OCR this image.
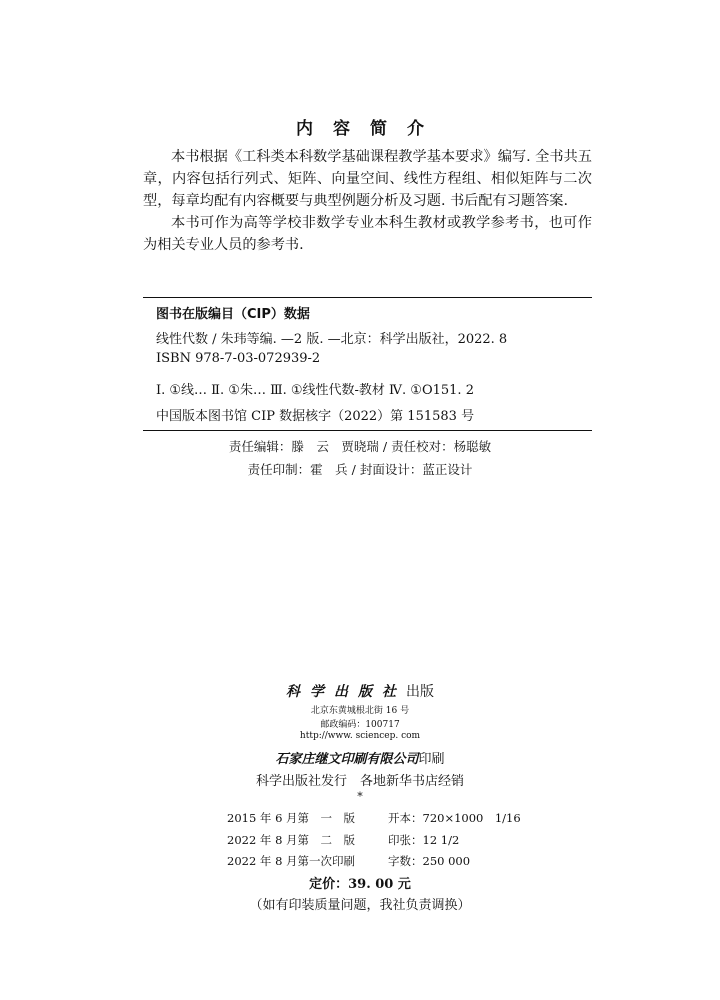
内容简介

本书根据《工科类本科数学基础课程教学基本要求》编写. 全书共五章，内容包括行列式、矩阵、向量空间、线性方程组、相似矩阵与二次型，每章均配有内容概要与典型例题分析及习题. 书后配有习题答案.

本书可作为高等学校非数学专业本科生教材或教学参考书，也可作为相关专业人员的参考书.

图书在版编目（CIP）数据
线性代数 / 朱玮等编. —2 版. —北京：科学出版社，2022. 8
ISBN 978-7-03-072939-2
Ⅰ. ①线… Ⅱ. ①朱… Ⅲ. ①线性代数-教材 Ⅳ. ①O151. 2
中国版本图书馆 CIP 数据核字（2022）第 151583 号
责任编辑：滕　云　贾晓瑞 / 责任校对：杨聪敏
责任印制：霍　兵 / 封面设计：蓝正设计
科学出版社出版
北京东黄城根北街 16 号
邮政编码：100717
http://www. sciencep. com
石家庄继文印刷有限公司印刷
科学出版社发行　各地新华书店经销
*
2015 年 6 月第　一　版	开本：720×1000　1/16
2022 年 8 月第　二　版	印张：12 1/2
2022 年 8 月第一次印刷	字数：250 000
定价：39. 00 元
（如有印装质量问题，我社负责调换）
